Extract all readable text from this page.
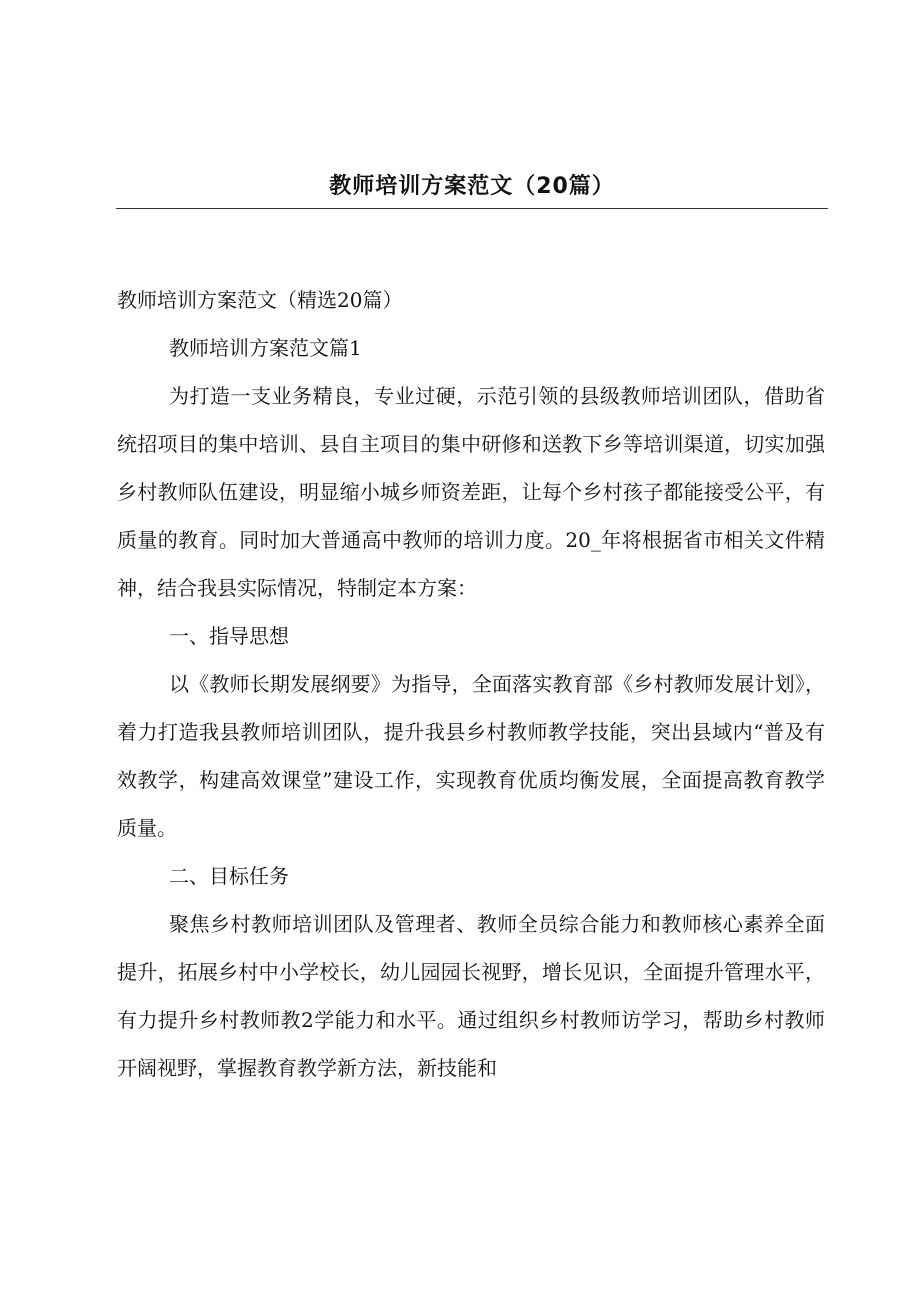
教师培训方案范文（20篇）

教师培训方案范文（精选20篇）

教师培训方案范文篇1

为打造一支业务精良，专业过硬，示范引领的县级教师培训团队，借助省统招项目的集中培训、县自主项目的集中研修和送教下乡等培训渠道，切实加强乡村教师队伍建设，明显缩小城乡师资差距，让每个乡村孩子都能接受公平，有质量的教育。同时加大普通高中教师的培训力度。20_年将根据省市相关文件精神，结合我县实际情况，特制定本方案：

一、指导思想

以《教师长期发展纲要》为指导，全面落实教育部《乡村教师发展计划》，着力打造我县教师培训团队，提升我县乡村教师教学技能，突出县域内“普及有效教学，构建高效课堂”建设工作，实现教育优质均衡发展，全面提高教育教学质量。

二、目标任务

聚焦乡村教师培训团队及管理者、教师全员综合能力和教师核心素养全面提升，拓展乡村中小学校长，幼儿园园长视野，增长见识，全面提升管理水平，有力提升乡村教师教2学能力和水平。通过组织乡村教师访学习，帮助乡村教师开阔视野，掌握教育教学新方法，新技能和
